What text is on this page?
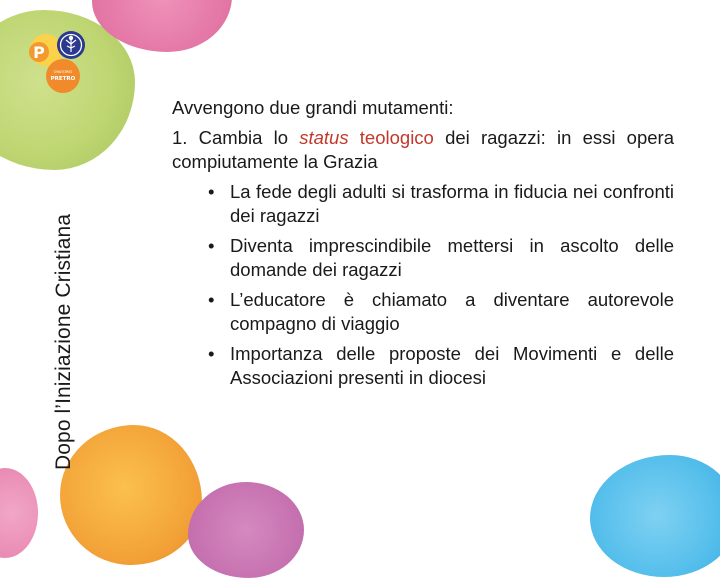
P
ORATORIO
PRETRO
Dopo l’Iniziazione Cristiana

Avvengono due grandi mutamenti:

1. Cambia lo status teologico dei ragazzi: in essi opera compiutamente la Grazia

• La fede degli adulti si trasforma in fiducia nei confronti dei ragazzi
• Diventa imprescindibile mettersi in ascolto delle domande dei ragazzi
• L’educatore è chiamato a diventare autorevole compagno di viaggio
• Importanza delle proposte dei Movimenti e delle Associazioni presenti in diocesi
